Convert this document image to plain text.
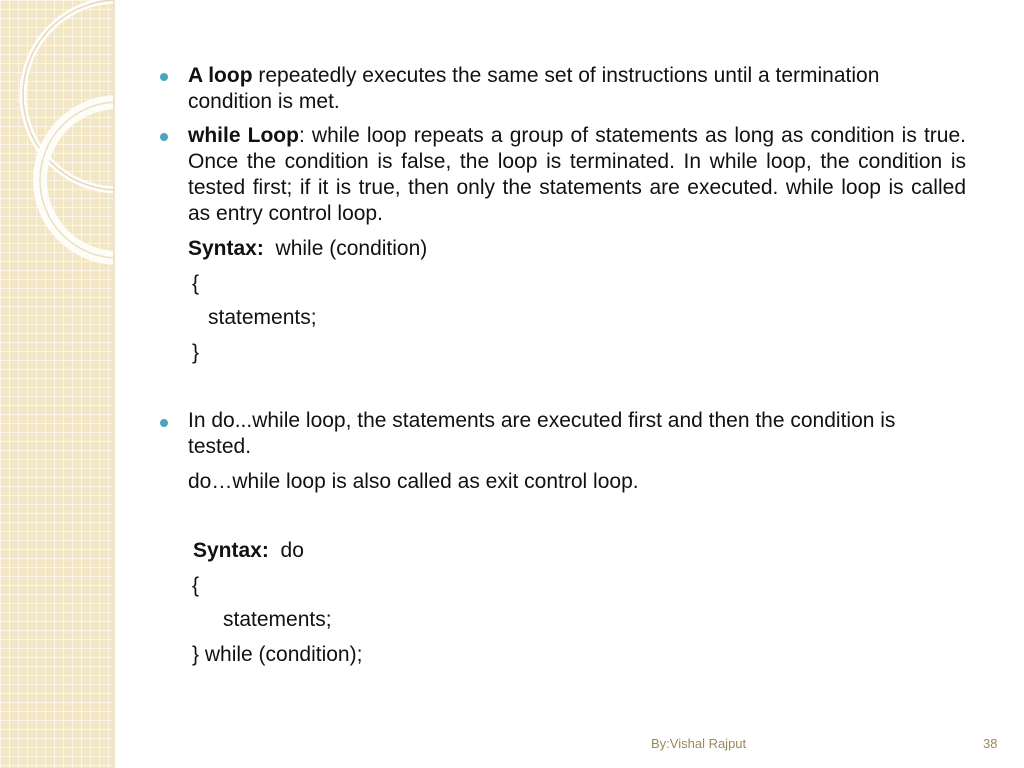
A loop repeatedly executes the same set of instructions until a termination condition is met.
while Loop: while loop repeats a group of statements as long as condition is true. Once the condition is false, the loop is terminated. In while loop, the condition is tested first; if it is true, then only the statements are executed. while loop is called as entry control loop.
Syntax:  while (condition)
{
statements;
}
In do...while loop, the statements are executed first and then the condition is tested.
do…while loop is also called as exit control loop.
Syntax:  do
{
statements;
} while (condition);
By:Vishal Rajput	38
